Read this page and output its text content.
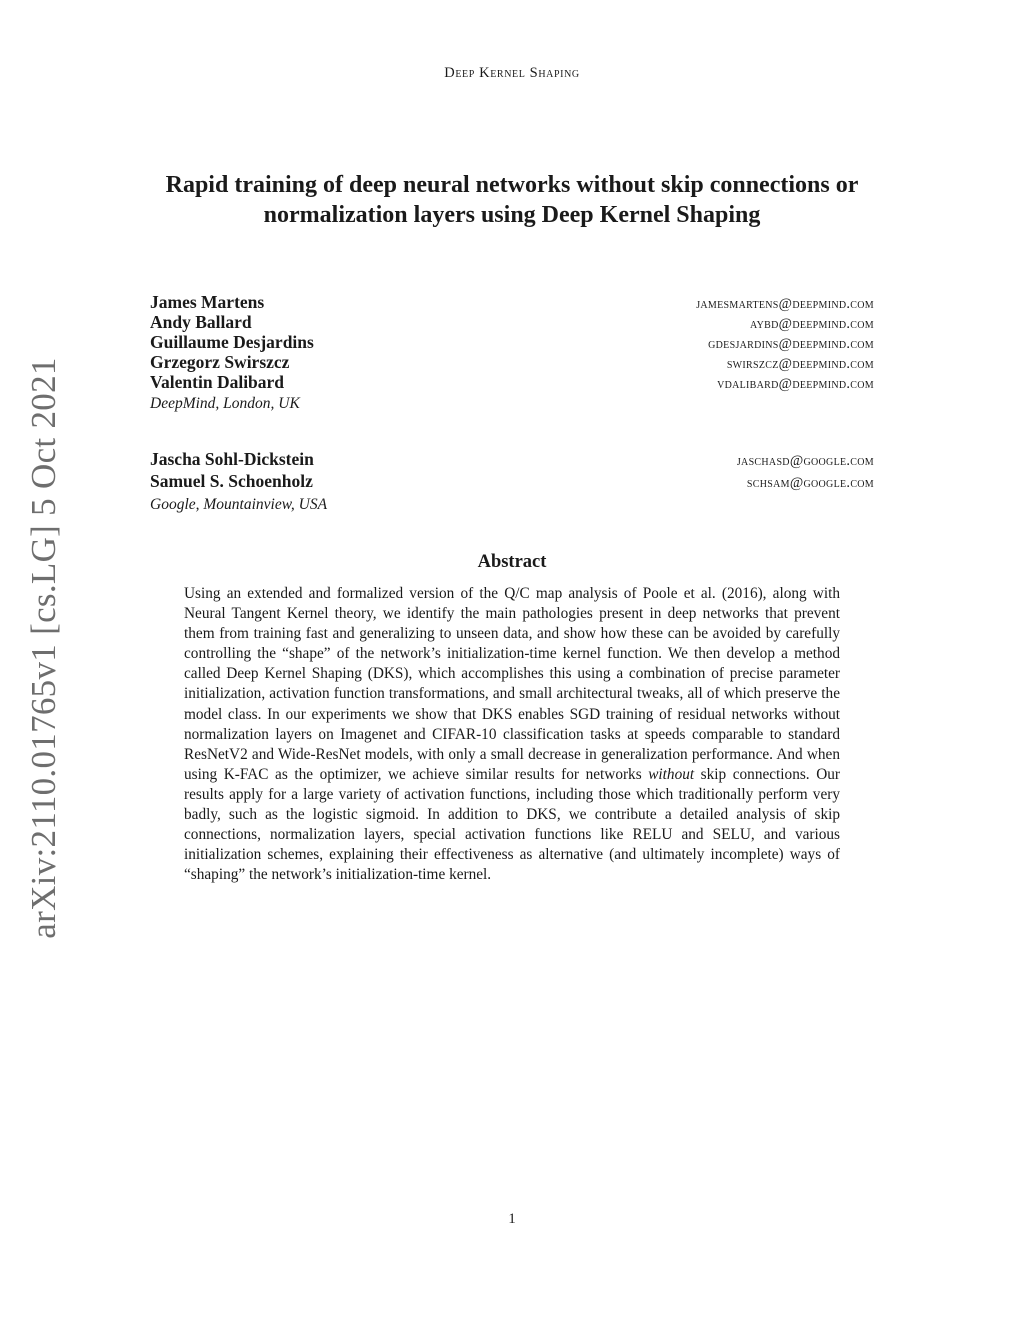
Deep Kernel Shaping
Rapid training of deep neural networks without skip connections or normalization layers using Deep Kernel Shaping
arXiv:2110.01765v1 [cs.LG] 5 Oct 2021
James Martens	jamesmartens@deepmind.com
Andy Ballard	aybd@deepmind.com
Guillaume Desjardins	gdesjardins@deepmind.com
Grzegorz Swirszcz	swirszcz@deepmind.com
Valentin Dalibard	vdalibard@deepmind.com
DeepMind, London, UK
Jascha Sohl-Dickstein	jaschasd@google.com
Samuel S. Schoenholz	schsam@google.com
Google, Mountainview, USA
Abstract

Using an extended and formalized version of the Q/C map analysis of Poole et al. (2016), along with Neural Tangent Kernel theory, we identify the main pathologies present in deep networks that prevent them from training fast and generalizing to unseen data, and show how these can be avoided by carefully controlling the “shape” of the network’s initialization-time kernel function. We then develop a method called Deep Kernel Shaping (DKS), which accomplishes this using a combination of precise parameter initialization, activation function transformations, and small architectural tweaks, all of which preserve the model class. In our experiments we show that DKS enables SGD training of residual networks without normalization layers on Imagenet and CIFAR-10 classification tasks at speeds comparable to standard ResNetV2 and Wide-ResNet models, with only a small decrease in generalization performance. And when using K-FAC as the optimizer, we achieve similar results for networks without skip connections. Our results apply for a large variety of activation functions, including those which traditionally perform very badly, such as the logistic sigmoid. In addition to DKS, we contribute a detailed analysis of skip connections, normalization layers, special activation functions like RELU and SELU, and various initialization schemes, explaining their effectiveness as alternative (and ultimately incomplete) ways of “shaping” the network’s initialization-time kernel.

1
